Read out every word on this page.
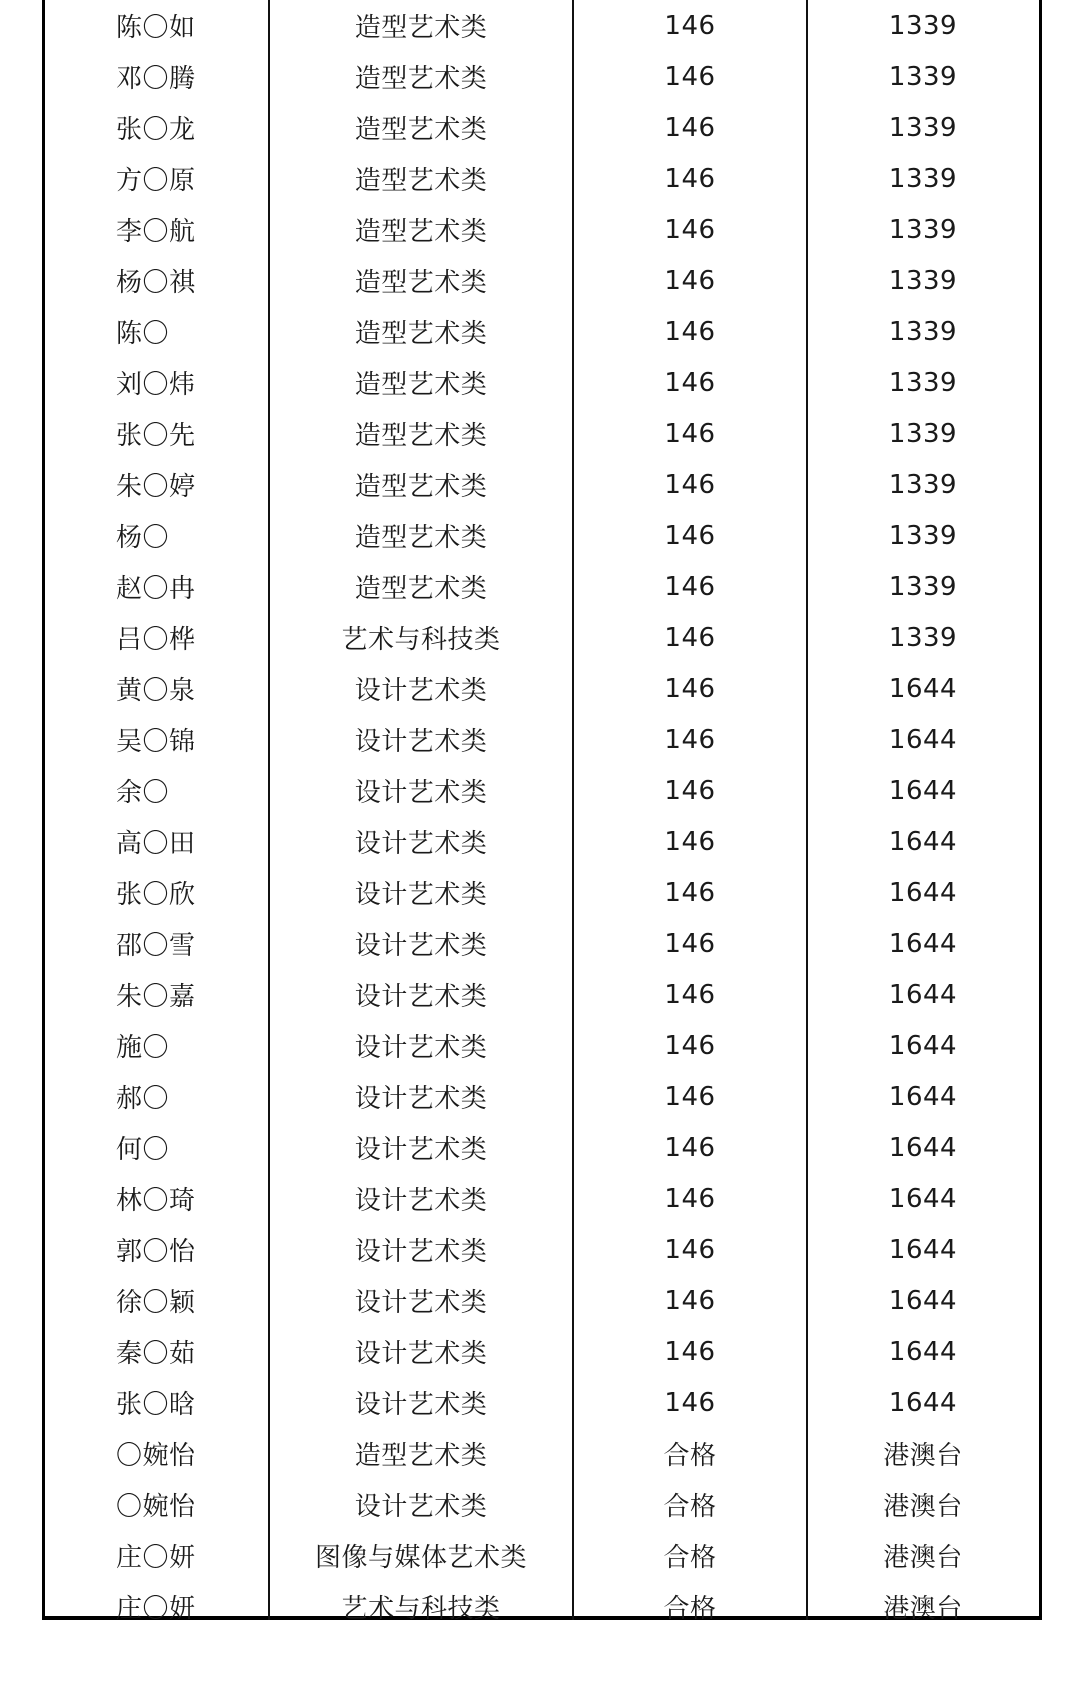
陈〇如	造型艺术类	146	1339
邓〇腾	造型艺术类	146	1339
张〇龙	造型艺术类	146	1339
方〇原	造型艺术类	146	1339
李〇航	造型艺术类	146	1339
杨〇祺	造型艺术类	146	1339
陈〇	造型艺术类	146	1339
刘〇炜	造型艺术类	146	1339
张〇先	造型艺术类	146	1339
朱〇婷	造型艺术类	146	1339
杨〇	造型艺术类	146	1339
赵〇冉	造型艺术类	146	1339
吕〇桦	艺术与科技类	146	1339
黄〇泉	设计艺术类	146	1644
吴〇锦	设计艺术类	146	1644
余〇	设计艺术类	146	1644
高〇田	设计艺术类	146	1644
张〇欣	设计艺术类	146	1644
邵〇雪	设计艺术类	146	1644
朱〇嘉	设计艺术类	146	1644
施〇	设计艺术类	146	1644
郝〇	设计艺术类	146	1644
何〇	设计艺术类	146	1644
林〇琦	设计艺术类	146	1644
郭〇怡	设计艺术类	146	1644
徐〇颖	设计艺术类	146	1644
秦〇茹	设计艺术类	146	1644
张〇晗	设计艺术类	146	1644
〇婉怡	造型艺术类	合格	港澳台
〇婉怡	设计艺术类	合格	港澳台
庄〇妍	图像与媒体艺术类	合格	港澳台
庄〇妍	艺术与科技类	合格	港澳台
